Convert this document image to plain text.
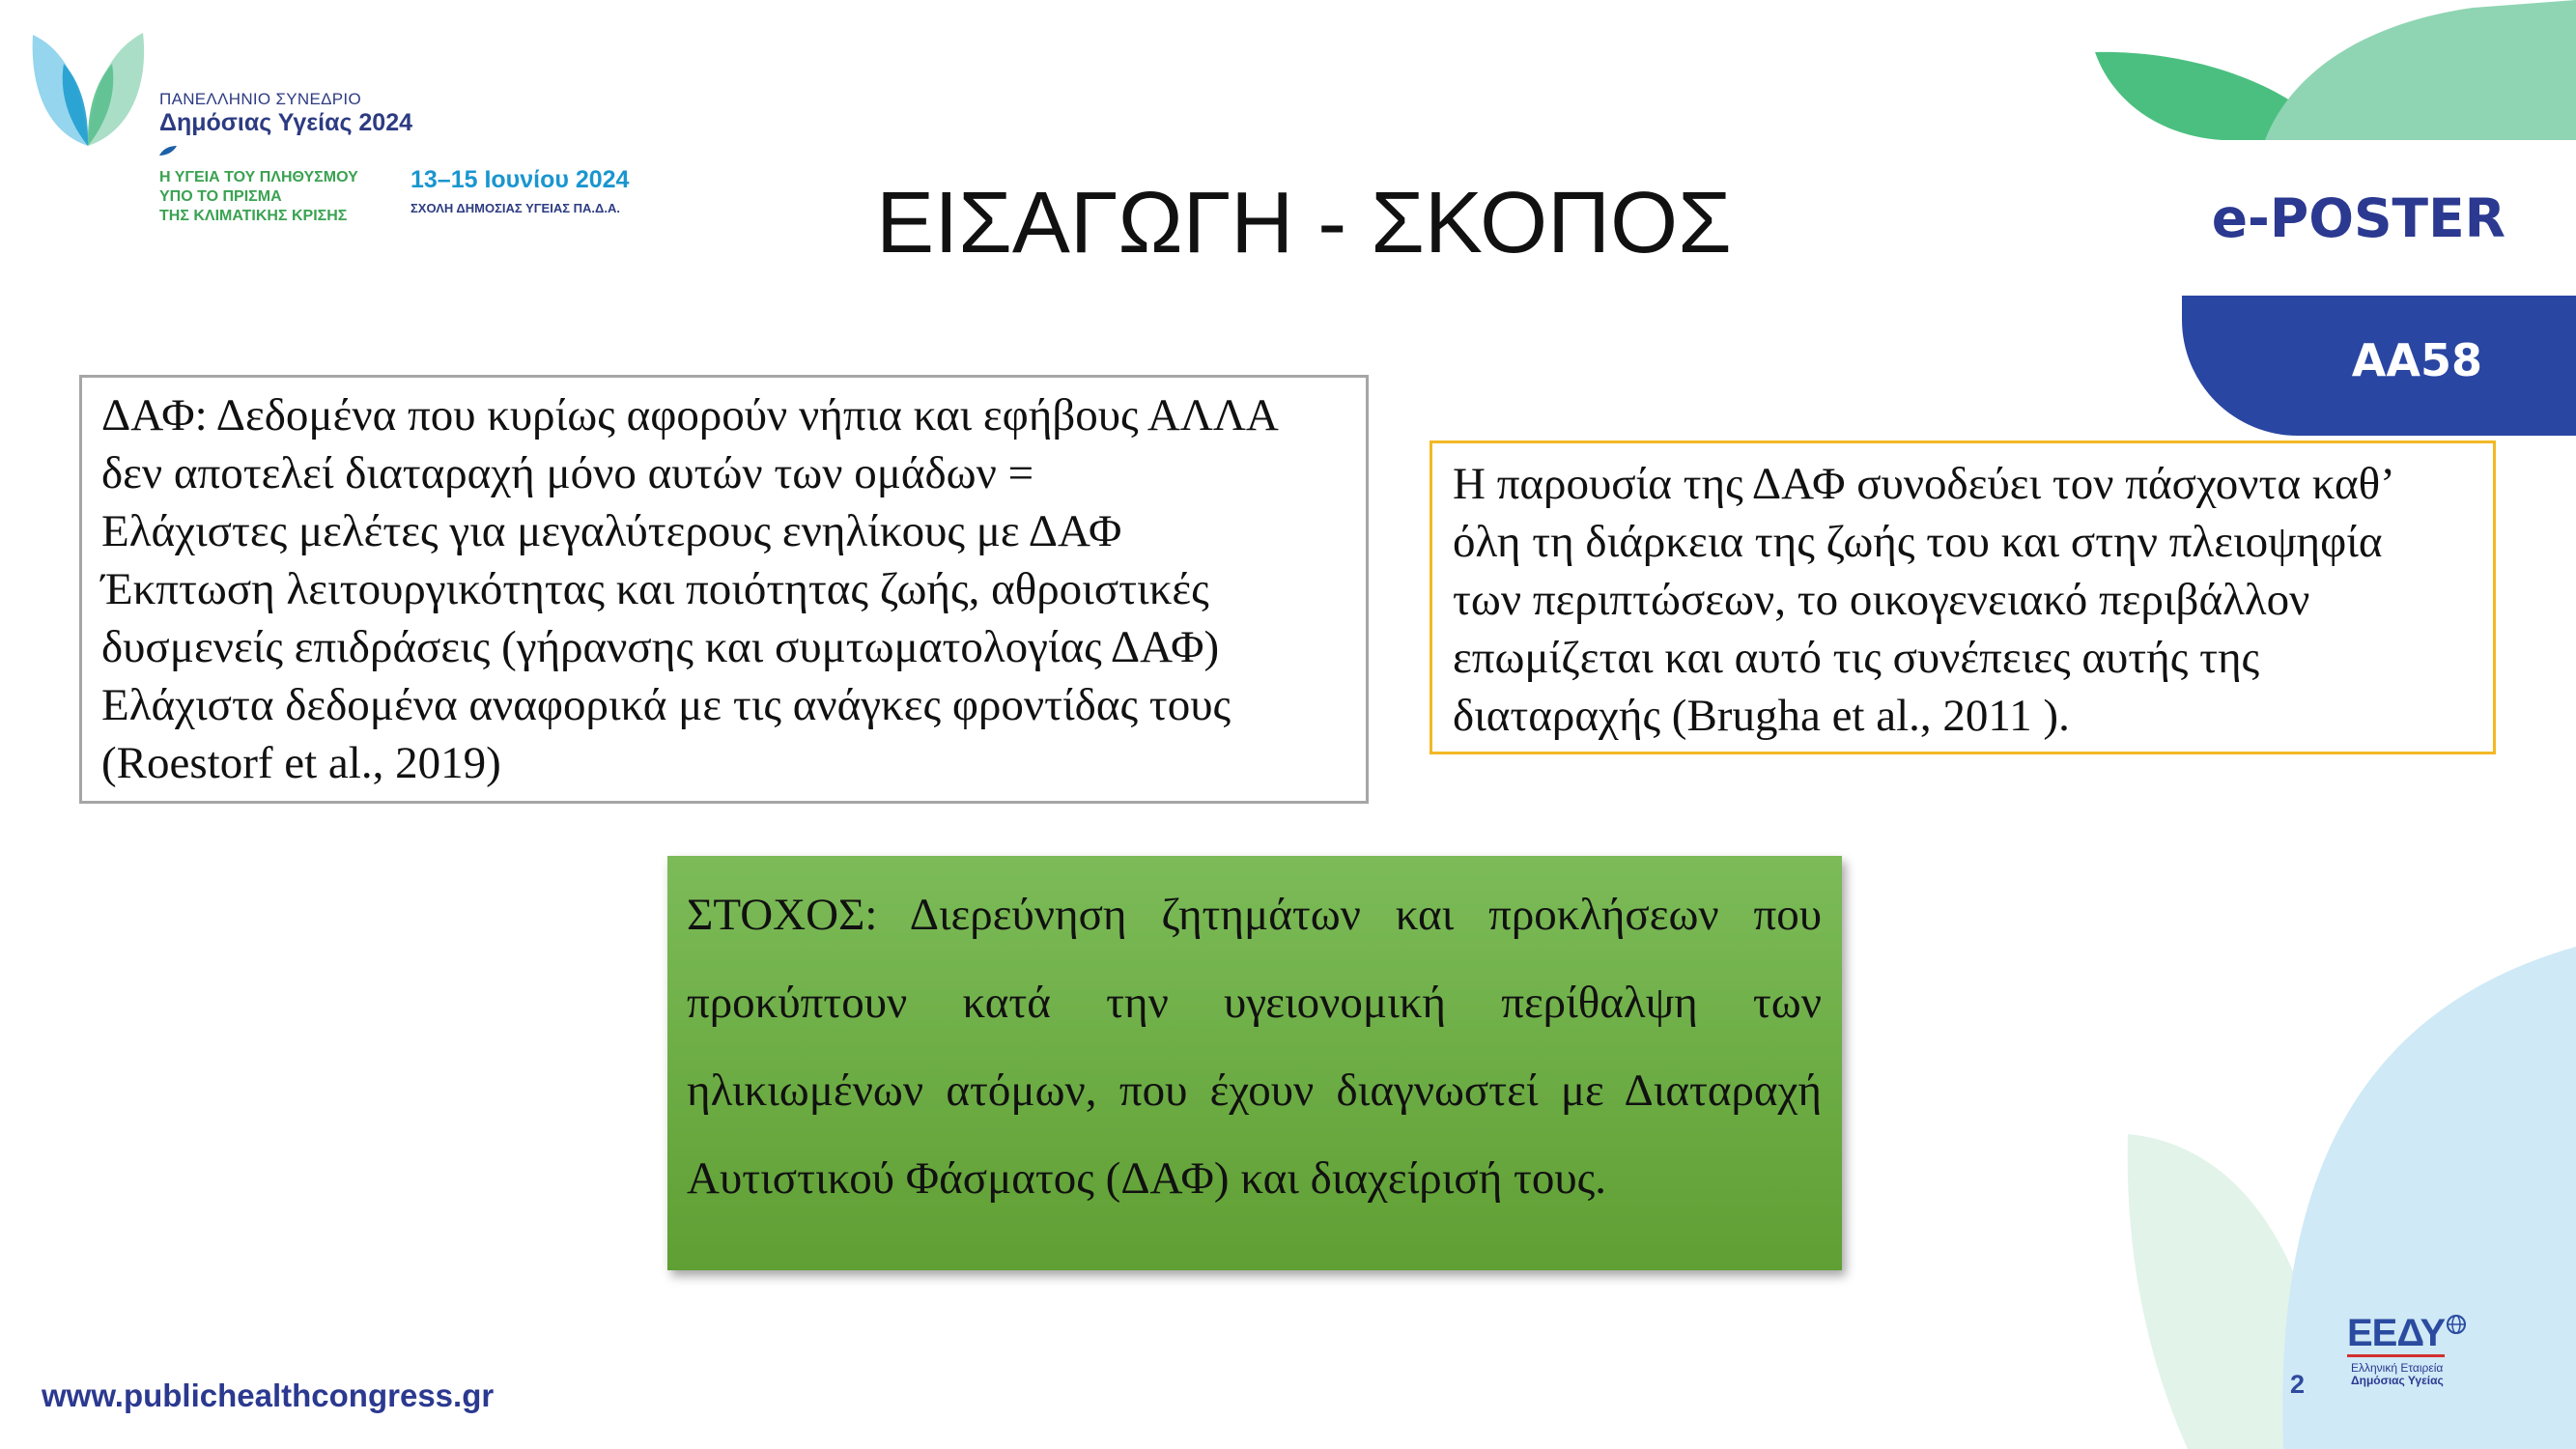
ΠΑΝΕΛΛΗΝΙΟ ΣΥΝΕΔΡΙΟ
Δημόσιας Υγείας 2024
Η ΥΓΕΙΑ ΤΟΥ ΠΛΗΘΥΣΜΟΥ
ΥΠΟ ΤΟ ΠΡΙΣΜΑ
ΤΗΣ ΚΛΙΜΑΤΙΚΗΣ ΚΡΙΣΗΣ
13–15 Ιουνίου 2024
ΣΧΟΛΗ ΔΗΜΟΣΙΑΣ ΥΓΕΙΑΣ ΠΑ.Δ.Α.	ΕΙΣΑΓΩΓΗ - ΣΚΟΠΟΣ	e-POSTER
AA58
ΔΑΦ: Δεδομένα που κυρίως αφορούν νήπια και εφήβους ΑΛΛΑ
δεν αποτελεί διαταραχή μόνο αυτών των ομάδων =
Ελάχιστες μελέτες για μεγαλύτερους ενηλίκους με ΔΑΦ
Έκπτωση λειτουργικότητας και ποιότητας ζωής, αθροιστικές
δυσμενείς επιδράσεις (γήρανσης και συμτωματολογίας ΔΑΦ)
Ελάχιστα δεδομένα αναφορικά με τις ανάγκες φροντίδας τους
(Roestorf et al., 2019)
Η παρουσία της ΔΑΦ συνοδεύει τον πάσχοντα καθ’
όλη τη διάρκεια της ζωής του και στην πλειοψηφία
των περιπτώσεων, το οικογενειακό περιβάλλον
επωμίζεται και αυτό τις συνέπειες αυτής της
διαταραχής (Brugha et al., 2011 ).
ΣΤΟΧΟΣ: Διερεύνηση ζητημάτων και προκλήσεων που
προκύπτουν κατά την υγειονομική περίθαλψη των
ηλικιωμένων ατόμων, που έχουν διαγνωστεί με Διαταραχή
Αυτιστικού Φάσματος (ΔΑΦ) και διαχείρισή τους.
www.publichealthcongress.gr	2
ΕΕΔΥ
Ελληνική Εταιρεία
Δημόσιας Υγείας
